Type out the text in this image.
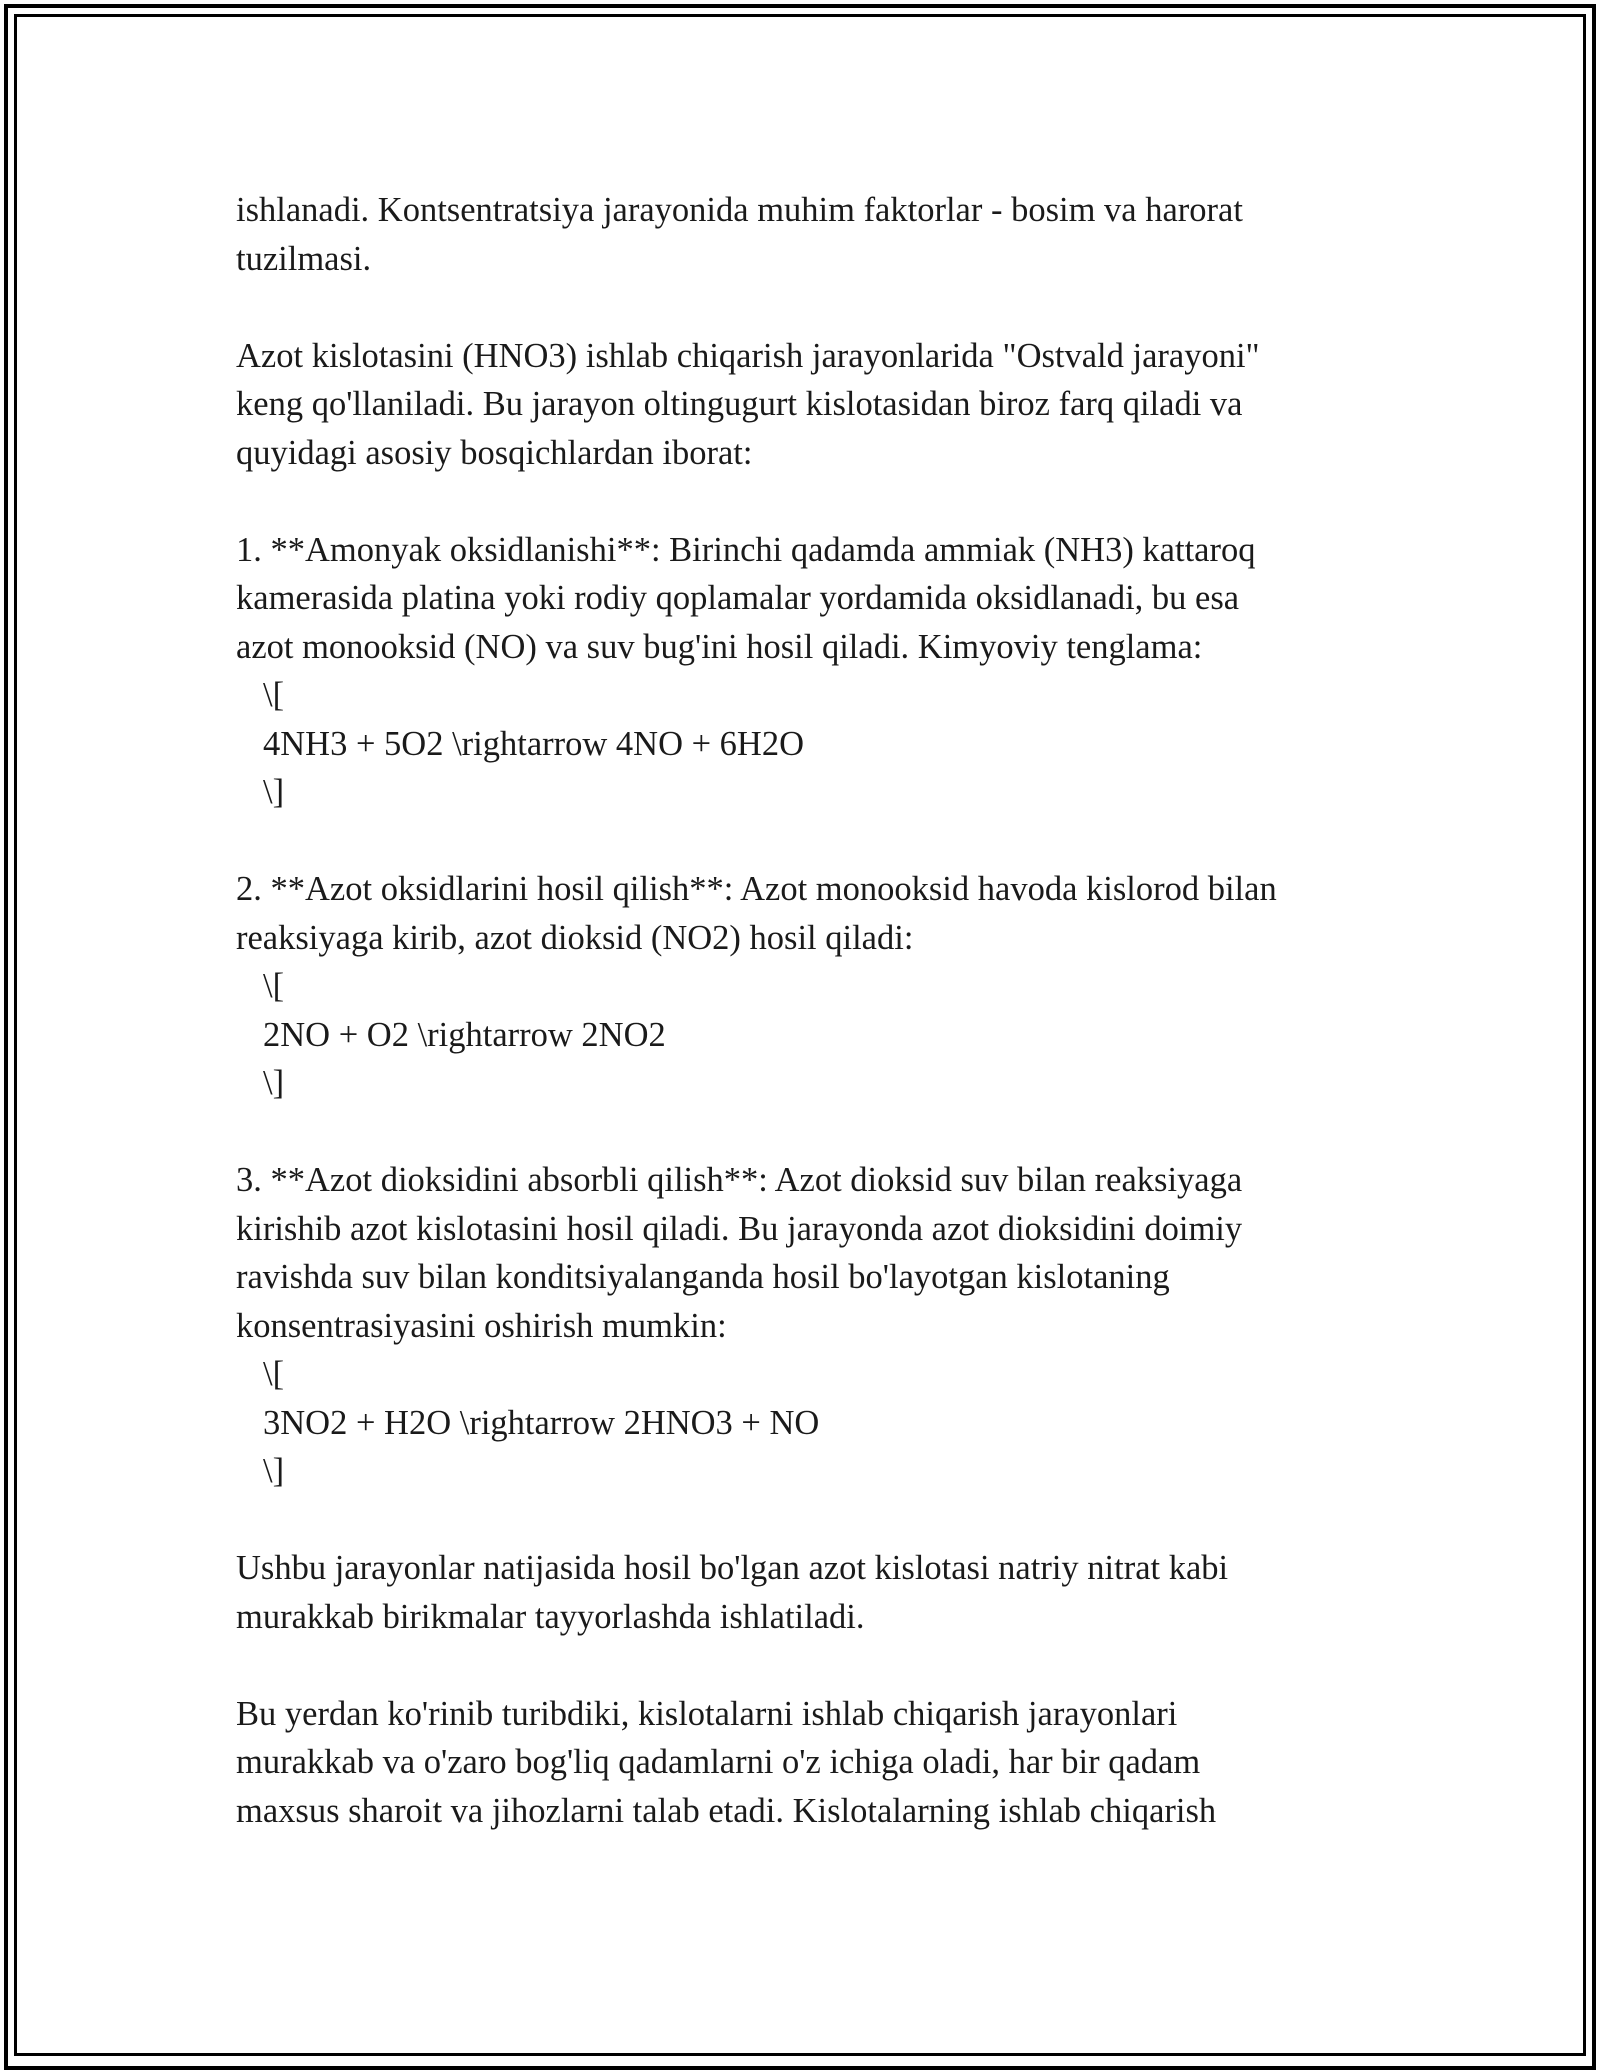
ishlanadi. Kontsentratsiya jarayonida muhim faktorlar - bosim va harorat
tuzilmasi.
Azot kislotasini (HNO3) ishlab chiqarish jarayonlarida "Ostvald jarayoni"
keng qo'llaniladi. Bu jarayon oltingugurt kislotasidan biroz farq qiladi va
quyidagi asosiy bosqichlardan iborat:
1. **Amonyak oksidlanishi**: Birinchi qadamda ammiak (NH3) kattaroq
kamerasida platina yoki rodiy qoplamalar yordamida oksidlanadi, bu esa
azot monooksid (NO) va suv bug'ini hosil qiladi. Kimyoviy tenglama:
\[
4NH3 + 5O2 \rightarrow 4NO + 6H2O
\]
2. **Azot oksidlarini hosil qilish**: Azot monooksid havoda kislorod bilan
reaksiyaga kirib, azot dioksid (NO2) hosil qiladi:
\[
2NO + O2 \rightarrow 2NO2
\]
3. **Azot dioksidini absorbli qilish**: Azot dioksid suv bilan reaksiyaga
kirishib azot kislotasini hosil qiladi. Bu jarayonda azot dioksidini doimiy
ravishda suv bilan konditsiyalanganda hosil bo'layotgan kislotaning
konsentrasiyasini oshirish mumkin:
\[
3NO2 + H2O \rightarrow 2HNO3 + NO
\]
Ushbu jarayonlar natijasida hosil bo'lgan azot kislotasi natriy nitrat kabi
murakkab birikmalar tayyorlashda ishlatiladi.
Bu yerdan ko'rinib turibdiki, kislotalarni ishlab chiqarish jarayonlari
murakkab va o'zaro bog'liq qadamlarni o'z ichiga oladi, har bir qadam
maxsus sharoit va jihozlarni talab etadi. Kislotalarning ishlab chiqarish
